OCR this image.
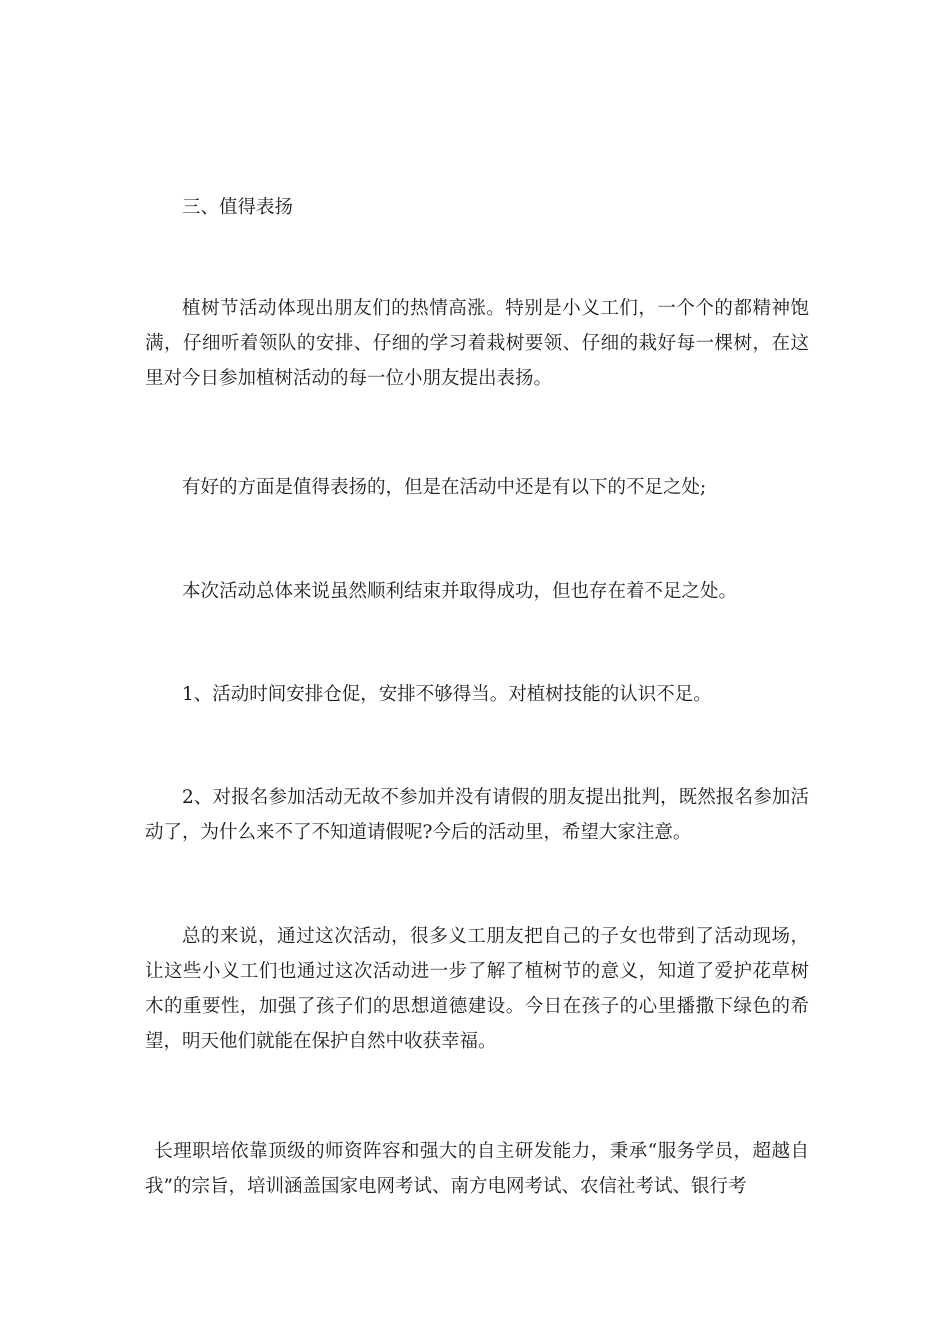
三、值得表扬

植树节活动体现出朋友们的热情高涨。特别是小义工们，一个个的都精神饱满，仔细听着领队的安排、仔细的学习着栽树要领、仔细的栽好每一棵树，在这里对今日参加植树活动的每一位小朋友提出表扬。

有好的方面是值得表扬的，但是在活动中还是有以下的不足之处;

本次活动总体来说虽然顺利结束并取得成功，但也存在着不足之处。

1、活动时间安排仓促，安排不够得当。对植树技能的认识不足。

2、对报名参加活动无故不参加并没有请假的朋友提出批判，既然报名参加活动了，为什么来不了不知道请假呢?今后的活动里，希望大家注意。

总的来说，通过这次活动，很多义工朋友把自己的子女也带到了活动现场，让这些小义工们也通过这次活动进一步了解了植树节的意义，知道了爱护花草树木的重要性，加强了孩子们的思想道德建设。今日在孩子的心里播撒下绿色的希望，明天他们就能在保护自然中收获幸福。

长理职培依靠顶级的师资阵容和强大的自主研发能力，秉承“服务学员，超越自我”的宗旨，培训涵盖国家电网考试、南方电网考试、农信社考试、银行考
